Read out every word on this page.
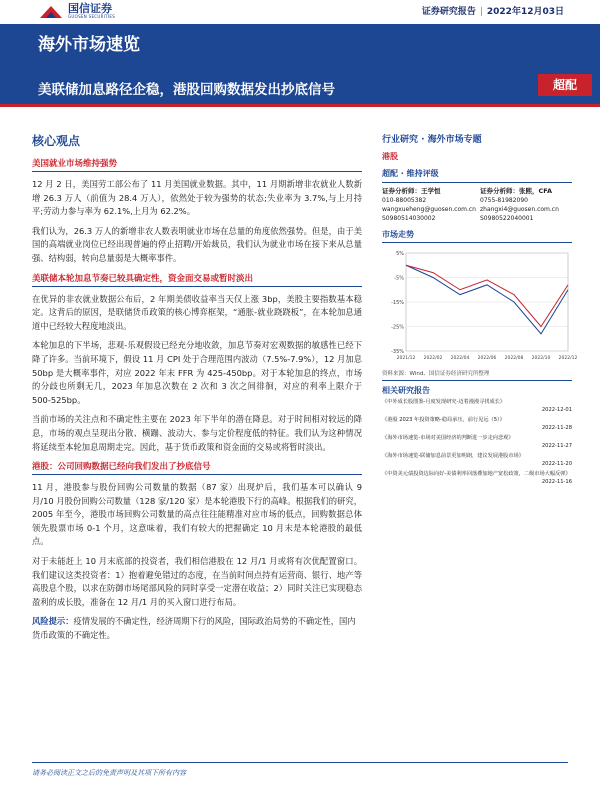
国信证券
GUOSEN SECURITIES	证券研究报告 | 2022年12月03日
海外市场速览
美联储加息路径企稳，港股回购数据发出抄底信号	超配
核心观点
美国就业市场维持强势

12 月 2 日，美国劳工部公布了 11 月美国就业数据。其中，11 月期新增非农就业人数新增 26.3 万人（前值为 28.4 万人），依然处于较为强势的状态;失业率为 3.7%,与上月持平;劳动力参与率为 62.1%,上月为 62.2%。

我们认为，26.3 万人的新增非农人数表明就业市场在总量的角度依然强势。但是，由于美国的高端就业岗位已经出现普遍的停止招聘/开始裁员，我们认为就业市场在接下来从总量强、结构弱，转向总量弱是大概率事件。

美联储本轮加息节奏已较具确定性，资金面交易或暂时淡出

在优异的非农就业数据公布后，2 年期美债收益率当天仅上涨 3bp，美股主要指数基本稳定。这背后的原因，是联储货币政策的核心博弈框架，“通胀-就业跷跷板”，在本轮加息通道中已经较大程度地淡出。

本轮加息的下半场，悲观-乐观假设已经充分地收敛，加息节奏对宏观数据的敏感性已经下降了许多。当前环境下，假设 11 月 CPI 处于合理范围内波动（7.5%-7.9%），12 月加息 50bp 是大概率事件，对应 2022 年末 FFR 为 425-450bp。对于本轮加息的终点，市场的分歧也所剩无几，2023 年加息次数在 2 次和 3 次之间徘徊，对应的利率上限介于 500-525bp。

当前市场的关注点和不确定性主要在 2023 年下半年的潜在降息。对于时间相对较远的降息，市场的观点呈现出分散、横蹦、波动大、参与定价程度低的特征。我们认为这种情况将延续至本轮加息周期走完。因此，基于货币政策和资金面的交易或将暂时淡出。

港股：公司回购数据已经向我们发出了抄底信号

11 月，港股参与股份回购公司数量的数据（87 家）出现炉后，我们基本可以确认 9 月/10 月股份回购公司数量（128 家/120 家）是本轮港股下行的高峰。根据我们的研究，2005 年至今，港股市场回购公司数量的高点往往能精准对应市场的低点，回购数据总体领先股票市场 0-1 个月，这意味着，我们有较大的把握确定 10 月末是本轮港股的最低点。

对于未能赶上 10 月末底部的投资者，我们相信港股在 12 月/1 月或将有次优配置窗口。我们建议这类投资者：1）抱着避免错过的态度，在当前时间点持有运营商、银行、地产等高股息个股，以求在防御市场尾部风险的同时享受一定潜在收益；2）同时关注已实现稳态盈利的成长股，准备在 12 月/1 月的买入窗口进行布局。

风险提示：疫情发展的不确定性，经济周期下行的风险，国际政治局势的不确定性，国内货币政策的不确定性。

行业研究 · 海外市场专题
港股
超配 · 维持评级
证券分析师：王学恒
010-88005382
wangxueheng@guosen.com.cn
S0980514030002
证券分析师：张熙，CFA
0755-81982090
zhangxi4@guosen.com.cn
S0980522040001
市场走势
5%
-5%
-15%
-25%
-35%
2021/12 2022/02 2022/04 2022/06 2022/08 2022/10 2022/12
资料来源：Wind、国信证券经济研究所整理
相关研究报告
《中外成长股图鉴-月度发现研究-迈着漫漫寻找成长》
2022-12-01
《港股 2023 年投资策略-稳局承压，前行见远（5）》
2022-11-28
《海外市场速览-市场对美国经济的判断进一步走向悲观》
2022-11-27
《海外市场速览-联储加息前景更加明朗，建议发展港股市场》
2022-11-20
《中资美元债投资边际向好-美债利率回落叠加地产宽松政策，二级市场大幅反弹》
2022-11-16
请务必阅读正文之后的免责声明及其项下所有内容
